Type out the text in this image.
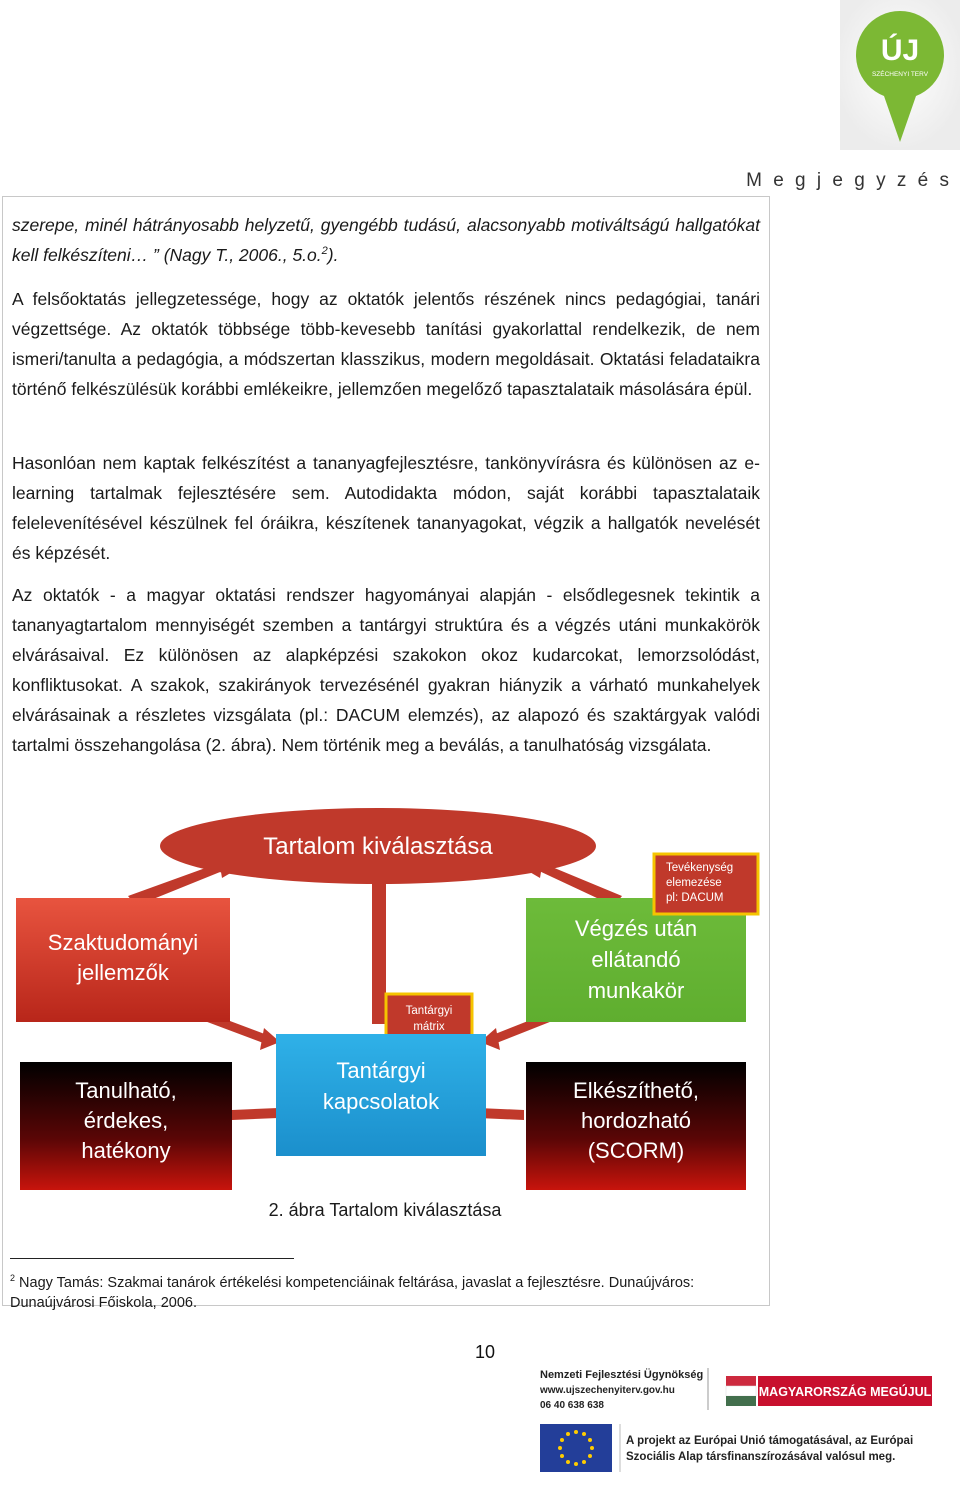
ÚJ
SZÉCHENYI TERV
M e g j e g y z é s

szerepe, minél hátrányosabb helyzetű, gyengébb tudású, alacsonyabb motiváltságú hallgatókat kell felkészíteni… ” (Nagy T., 2006., 5.o.$^2$).

A felsőoktatás jellegzetessége, hogy az oktatók jelentős részének nincs pedagógiai, tanári végzettsége. Az oktatók többsége több-kevesebb tanítási gyakorlattal rendelkezik, de nem ismeri/tanulta a pedagógia, a módszertan klasszikus, modern megoldásait. Oktatási feladataikra történő felkészülésük korábbi emlékeikre, jellemzően megelőző tapasztalataik másolására épül.

Hasonlóan nem kaptak felkészítést a tananyagfejlesztésre, tankönyvírásra és különösen az e-learning tartalmak fejlesztésére sem. Autodidakta módon, saját korábbi tapasztalataik felelevenítésével készülnek fel óráikra, készítenek tananyagokat, végzik a hallgatók nevelését és képzését.

Az oktatók - a magyar oktatási rendszer hagyományai alapján - elsődlegesnek tekintik a tananyagtartalom mennyiségét szemben a tantárgyi struktúra és a végzés utáni munkakörök elvárásaival. Ez különösen az alapképzési szakokon okoz kudarcokat, lemorzsolódást, konfliktusokat. A szakok, szakirányok tervezésénél gyakran hiányzik a várható munkahelyek elvárásainak a részletes vizsgálata (pl.: DACUM elemzés), az alapozó és szaktárgyak valódi tartalmi összehangolása (2. ábra). Nem történik meg a beválás, a tanulhatóság vizsgálata.

Tartalom kiválasztása
Szaktudományi
jellemzők
Végzés után
ellátandó
munkakör
Tevékenység
elemezése
pl: DACUM
Tantárgyi
mátrix
Tantárgyi
kapcsolatok
Tanulható,
érdekes,
hatékony
Elkészíthető,
hordozható
(SCORM)
2. ábra Tartalom kiválasztása
$^2$ Nagy Tamás: Szakmai tanárok értékelési kompetenciáinak feltárása, javaslat a fejlesztésre. Dunaújváros: Dunaújvárosi Főiskola, 2006.
10
Nemzeti Fejlesztési Ügynökség
www.ujszechenyiterv.gov.hu
06 40 638 638
MAGYARORSZÁG MEGÚJUL
A projekt az Európai Unió támogatásával, az Európai
Szociális Alap társfinanszírozásával valósul meg.
